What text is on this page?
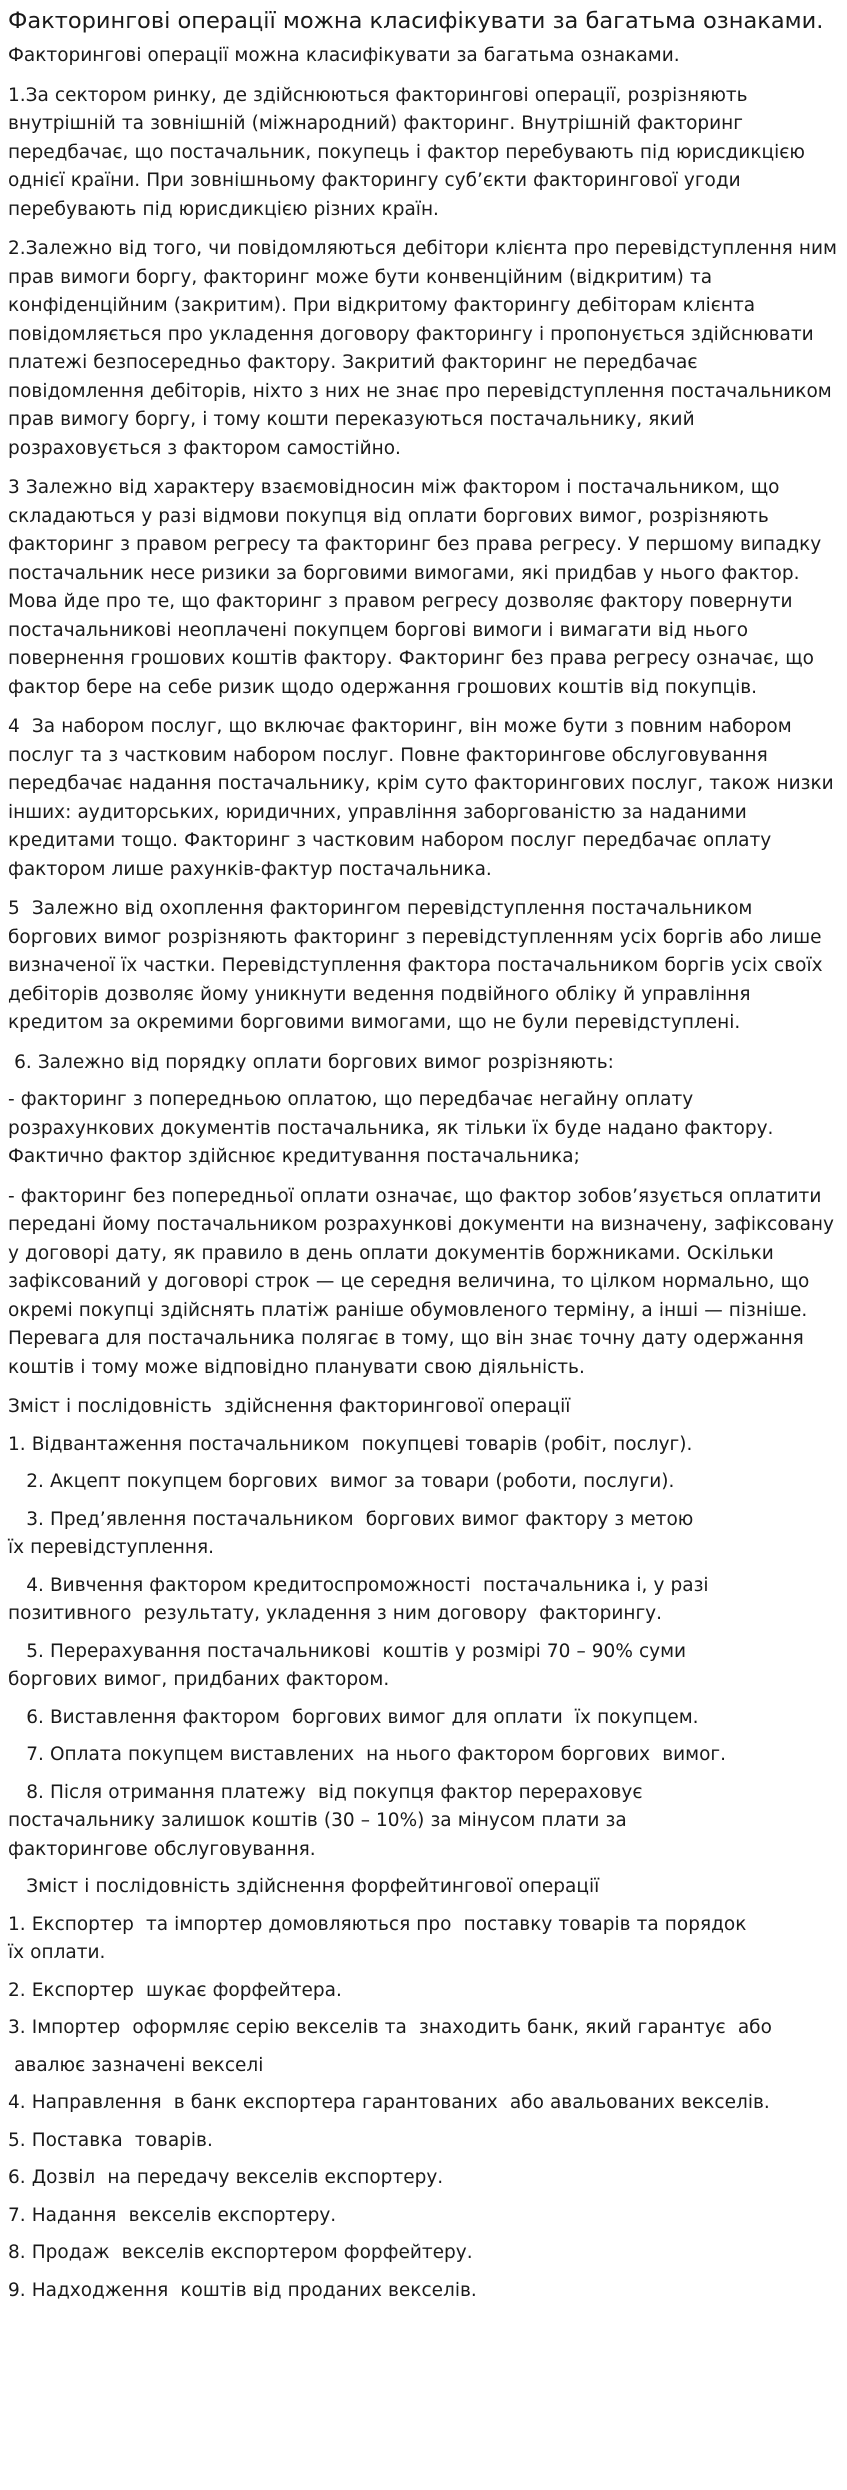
Факторингові операції можна класифікувати за багатьма ознаками.

Факторингові операції можна класифікувати за багатьма ознаками.

1.За сектором ринку, де здійснюються факторингові операції, розрізняють внутрішній та зовнішній (міжнародний) факторинг. Внутрішній факторинг передбачає, що постачальник, покупець і фактор перебувають під юрисдикцією однієї країни. При зовнішньому факторингу суб’єкти факторингової угоди перебувають під юрисдикцією різних країн.

2.Залежно від того, чи повідомляються дебітори клієнта про перевідступлення ним прав вимоги боргу, факторинг може бути конвенційним (відкритим) та конфіденційним (закритим). При відкритому факторингу дебіторам клієнта повідомляється про укладення договору факторингу і пропонується здійснювати платежі безпосередньо фактору. Закритий факторинг не передбачає повідомлення дебіторів, ніхто з них не знає про перевідступлення постачальником прав вимогу боргу, і тому кошти переказуються постачальнику, який розраховується з фактором самостійно.

3 Залежно від характеру взаємовідносин між фактором і постачальником, що складаються у разі відмови покупця від оплати боргових вимог, розрізняють факторинг з правом регресу та факторинг без права регресу. У першому випадку постачальник несе ризики за борговими вимогами, які придбав у нього фактор. Мова йде про те, що факторинг з правом регресу дозволяє фактору повернути постачальникові неоплачені покупцем боргові вимоги і вимагати від нього повернення грошових коштів фактору. Факторинг без права регресу означає, що фактор бере на себе ризик щодо одержання грошових коштів від покупців.

4  За набором послуг, що включає факторинг, він може бути з повним набором послуг та з частковим набором послуг. Повне факторингове обслуговування передбачає надання постачальнику, крім суто факторингових послуг, також низки інших: аудиторських, юридичних, управління заборгованістю за наданими кредитами тощо. Факторинг з частковим набором послуг передбачає оплату фактором лише рахунків-фактур постачальника.

5  Залежно від охоплення факторингом перевідступлення постачальником боргових вимог розрізняють факторинг з перевідступленням усіх боргів або лише визначеної їх частки. Перевідступлення фактора постачальником боргів усіх своїх дебіторів дозволяє йому уникнути ведення подвійного обліку й управління кредитом за окремими борговими вимогами, що не були перевідступлені.

6. Залежно від порядку оплати боргових вимог розрізняють:

- факторинг з попередньою оплатою, що передбачає негайну оплату розрахункових документів постачальника, як тільки їх буде надано фактору. Фактично фактор здійснює кредитування постачальника;

- факторинг без попередньої оплати означає, що фактор зобов’язується оплатити передані йому постачальником розрахункові документи на визначену, зафіксовану у договорі дату, як правило в день оплати документів боржниками. Оскільки зафіксований у договорі строк — це середня величина, то цілком нормально, що окремі покупці здійснять платіж раніше обумовленого терміну, а інші — пізніше. Перевага для постачальника полягає в тому, що він знає точну дату одержання коштів і тому може відповідно планувати свою діяльність.

Зміст і послідовність  здійснення факторингової операції

1. Відвантаження постачальником  покупцеві товарів (робіт, послуг).

2. Акцепт покупцем боргових  вимог за товари (роботи, послуги).

3. Пред’явлення постачальником  боргових вимог фактору з метою
їх перевідступлення.

4. Вивчення фактором кредитоспроможності  постачальника і, у разі
позитивного  результату, укладення з ним договору  факторингу.

5. Перерахування постачальникові  коштів у розмірі 70 – 90% суми
боргових вимог, придбаних фактором.

6. Виставлення фактором  боргових вимог для оплати  їх покупцем.

7. Оплата покупцем виставлених  на нього фактором боргових  вимог.

8. Після отримання платежу  від покупця фактор перераховує
постачальнику залишок коштів (30 – 10%) за мінусом плати за
факторингове обслуговування.

Зміст і послідовність здійснення форфейтингової операції

1. Експортер  та імпортер домовляються про  поставку товарів та порядок
їх оплати.

2. Експортер  шукає форфейтера.

3. Імпортер  оформляє серію векселів та  знаходить банк, який гарантує  або

авалює зазначені векселі

4. Направлення  в банк експортера гарантованих  або авальованих векселів.

5. Поставка  товарів.

6. Дозвіл  на передачу векселів експортеру.

7. Надання  векселів експортеру.

8. Продаж  векселів експортером форфейтеру.

9. Надходження  коштів від проданих векселів.
